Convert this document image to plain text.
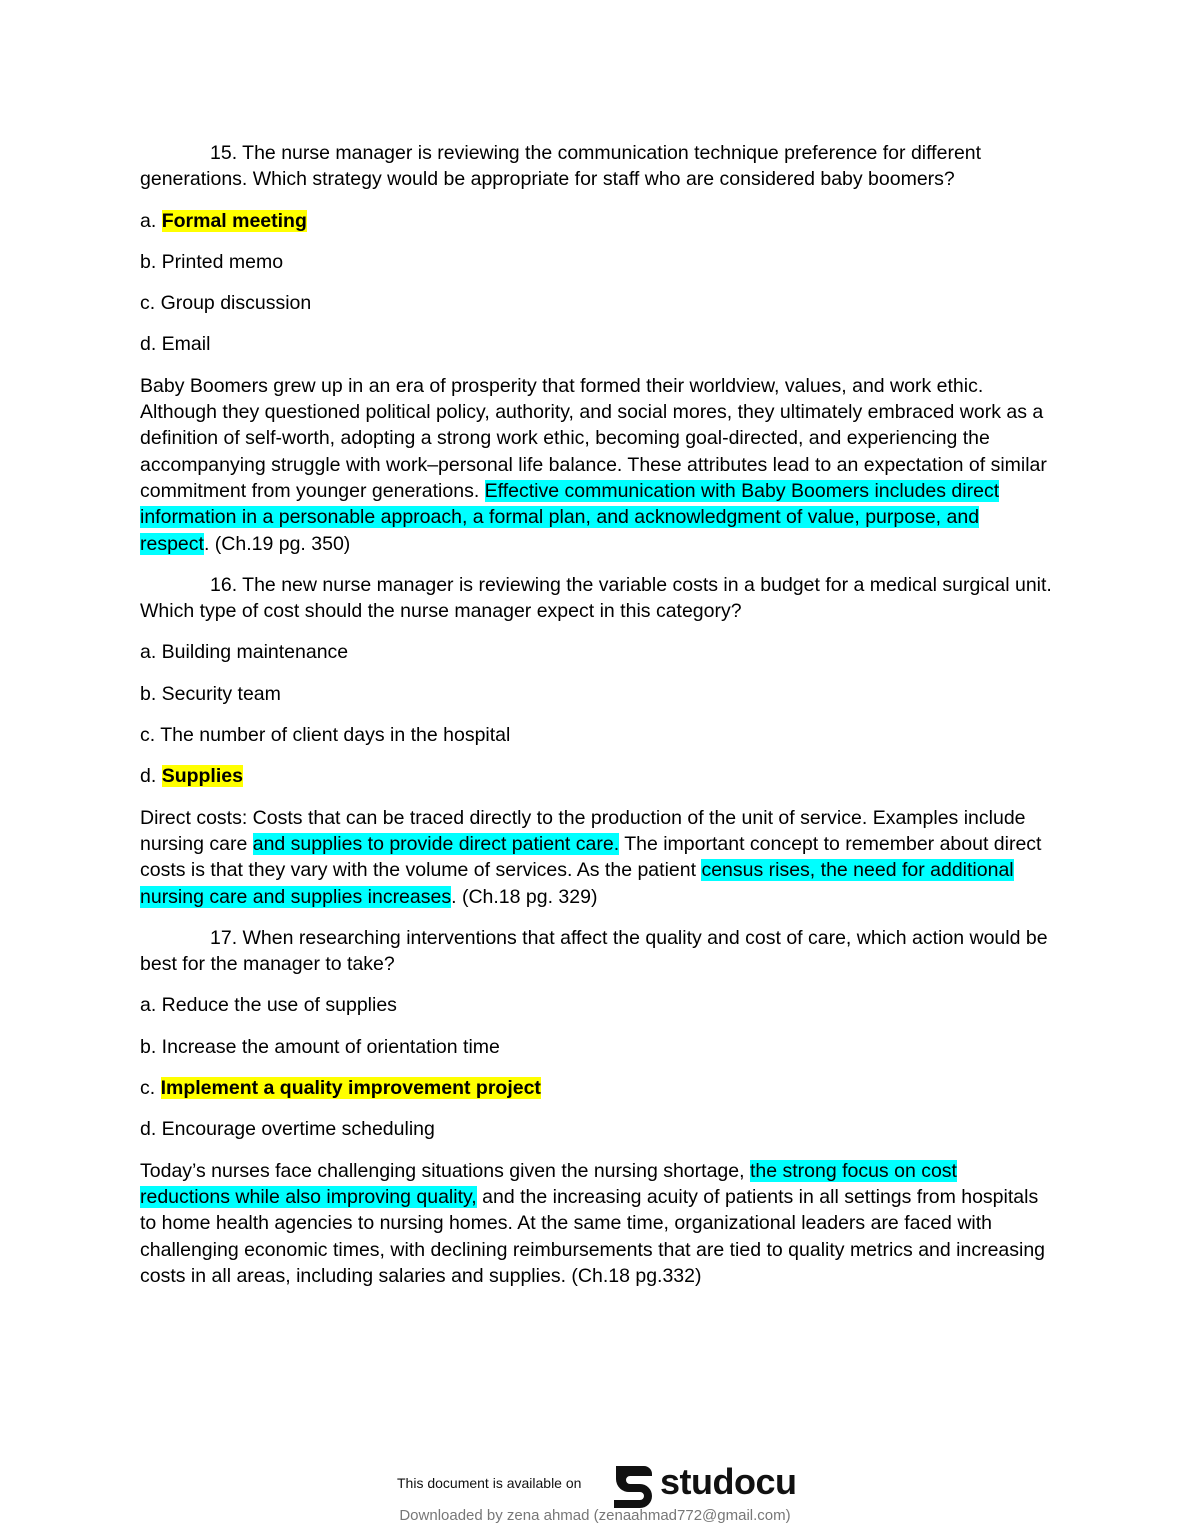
15. The nurse manager is reviewing the communication technique preference for different generations. Which strategy would be appropriate for staff who are considered baby boomers?

a. Formal meeting

b. Printed memo

c. Group discussion

d. Email

Baby Boomers grew up in an era of prosperity that formed their worldview, values, and work ethic. Although they questioned political policy, authority, and social mores, they ultimately embraced work as a definition of self-worth, adopting a strong work ethic, becoming goal-directed, and experiencing the accompanying struggle with work–personal life balance. These attributes lead to an expectation of similar commitment from younger generations. Effective communication with Baby Boomers includes direct information in a personable approach, a formal plan, and acknowledgment of value, purpose, and respect. (Ch.19 pg. 350)

16. The new nurse manager is reviewing the variable costs in a budget for a medical surgical unit. Which type of cost should the nurse manager expect in this category?

a. Building maintenance

b. Security team

c. The number of client days in the hospital

d. Supplies

Direct costs: Costs that can be traced directly to the production of the unit of service. Examples include nursing care and supplies to provide direct patient care. The important concept to remember about direct costs is that they vary with the volume of services. As the patient census rises, the need for additional nursing care and supplies increases. (Ch.18 pg. 329)

17. When researching interventions that affect the quality and cost of care, which action would be best for the manager to take?

a. Reduce the use of supplies

b. Increase the amount of orientation time

c. Implement a quality improvement project

d. Encourage overtime scheduling

Today’s nurses face challenging situations given the nursing shortage, the strong focus on cost reductions while also improving quality, and the increasing acuity of patients in all settings from hospitals to home health agencies to nursing homes. At the same time, organizational leaders are faced with challenging economic times, with declining reimbursements that are tied to quality metrics and increasing costs in all areas, including salaries and supplies. (Ch.18 pg.332)

This document is available on studocu
Downloaded by zena ahmad (zenaahmad772@gmail.com)
